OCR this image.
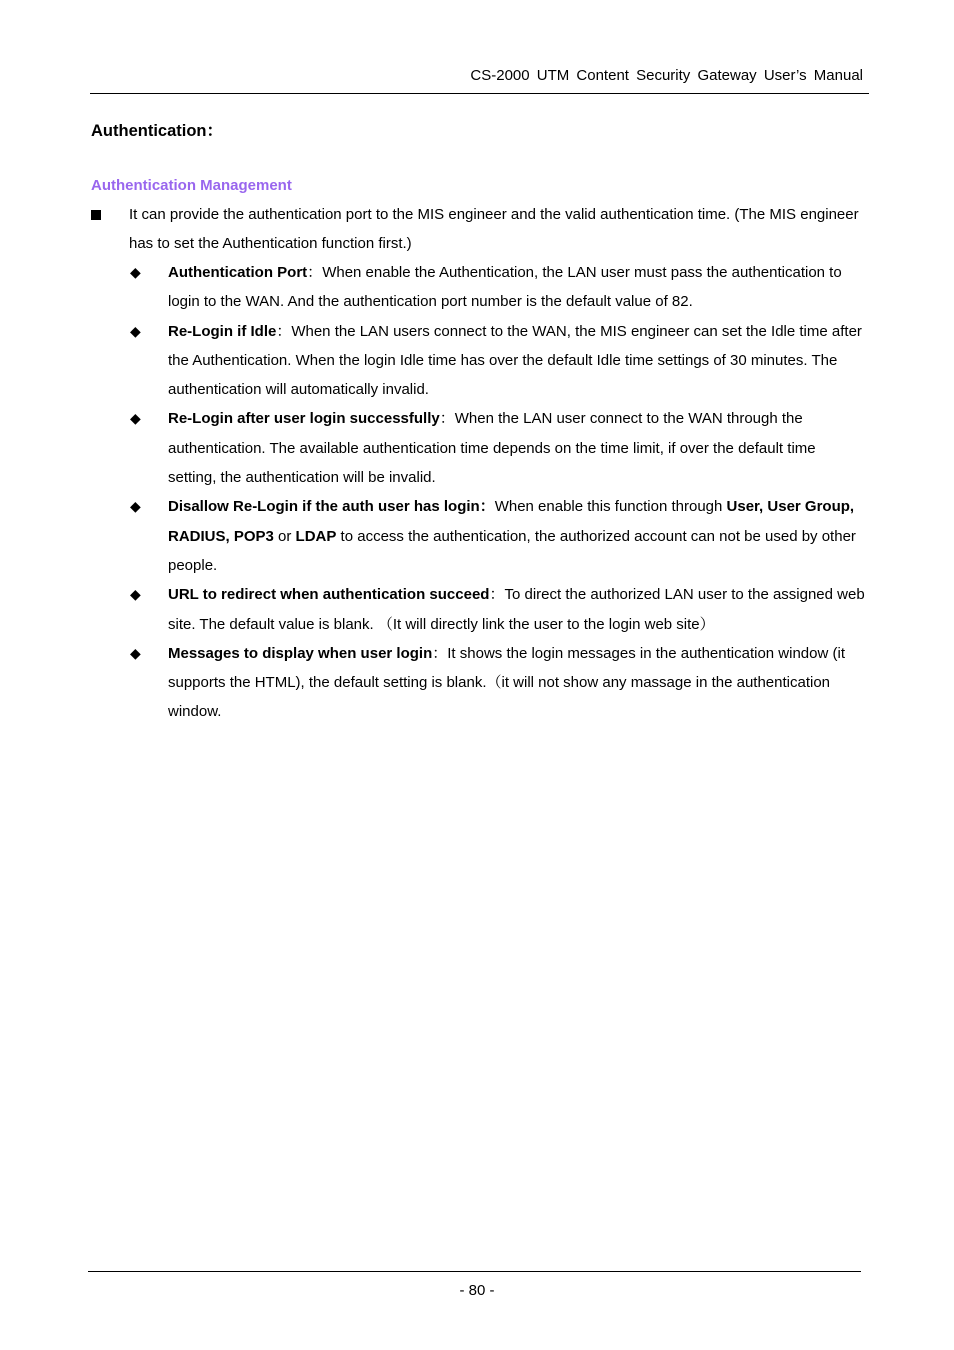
CS-2000 UTM Content Security Gateway User’s Manual
Authentication：
Authentication Management
It can provide the authentication port to the MIS engineer and the valid authentication time. (The MIS engineer has to set the Authentication function first.)
◆ Authentication Port：When enable the Authentication, the LAN user must pass the authentication to login to the WAN. And the authentication port number is the default value of 82.
◆ Re-Login if Idle：When the LAN users connect to the WAN, the MIS engineer can set the Idle time after the Authentication. When the login Idle time has over the default Idle time settings of 30 minutes. The authentication will automatically invalid.
◆ Re-Login after user login successfully：When the LAN user connect to the WAN through the authentication. The available authentication time depends on the time limit, if over the default time setting, the authentication will be invalid.
◆ Disallow Re-Login if the auth user has login：When enable this function through User, User Group, RADIUS, POP3 or LDAP to access the authentication, the authorized account can not be used by other people.
◆ URL to redirect when authentication succeed：To direct the authorized LAN user to the assigned web site. The default value is blank. （It will directly link the user to the login web site）
◆ Messages to display when user login：It shows the login messages in the authentication window (it supports the HTML), the default setting is blank.（it will not show any massage in the authentication window.
- 80 -
